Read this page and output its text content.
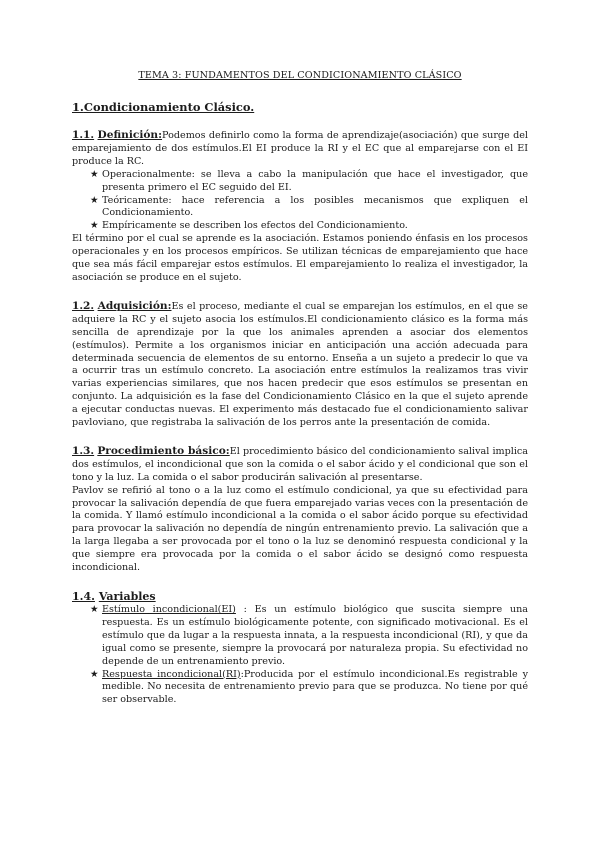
TEMA 3: FUNDAMENTOS DEL CONDICIONAMIENTO CLÁSICO
1.Condicionamiento Clásico.

1.1. Definición:Podemos definirlo como la forma de aprendizaje(asociación) que surge del emparejamiento de dos estímulos.El EI produce la RI y el EC que al emparejarse con el EI produce la RC.

★ Operacionalmente: se lleva a cabo la manipulación que hace el investigador, que presenta primero el EC seguido del EI.
★ Teóricamente: hace referencia a los posibles mecanismos que expliquen el Condicionamiento.
★ Empíricamente se describen los efectos del Condicionamiento.

El término por el cual se aprende es la asociación. Estamos poniendo énfasis en los procesos operacionales y en los procesos empíricos. Se utilizan técnicas de emparejamiento que hace que sea más fácil emparejar estos estímulos. El emparejamiento lo realiza el investigador, la asociación se produce en el sujeto.

1.2. Adquisición:Es el proceso, mediante el cual se emparejan los estímulos, en el que se adquiere la RC y el sujeto asocia los estímulos.El condicionamiento clásico es la forma más sencilla de aprendizaje por la que los animales aprenden a asociar dos elementos (estímulos). Permite a los organismos iniciar en anticipación una acción adecuada para determinada secuencia de elementos de su entorno. Enseña a un sujeto a predecir lo que va a ocurrir tras un estímulo concreto. La asociación entre estímulos la realizamos tras vivir varias experiencias similares, que nos hacen predecir que esos estímulos se presentan en conjunto. La adquisición es la fase del Condicionamiento Clásico en la que el sujeto aprende a ejecutar conductas nuevas. El experimento más destacado fue el condicionamiento salivar pavloviano, que registraba la salivación de los perros ante la presentación de comida.

1.3. Procedimiento básico:El procedimiento básico del condicionamiento salival implica dos estímulos, el incondicional que son la comida o el sabor ácido y el condicional que son el tono y la luz. La comida o el sabor producirán salivación al presentarse.

Pavlov se refirió al tono o a la luz como el estímulo condicional, ya que su efectividad para provocar la salivación dependía de que fuera emparejado varias veces con la presentación de la comida. Y llamó estímulo incondicional a la comida o el sabor ácido porque su efectividad para provocar la salivación no dependía de ningún entrenamiento previo. La salivación que a la larga llegaba a ser provocada por el tono o la luz se denominó respuesta condicional y la que siempre era provocada por la comida o el sabor ácido se designó como respuesta incondicional.

1.4. Variables
★ Estímulo incondicional(EI) : Es un estímulo biológico que suscita siempre una respuesta. Es un estímulo biológicamente potente, con significado motivacional. Es el estímulo que da lugar a la respuesta innata, a la respuesta incondicional (RI), y que da igual como se presente, siempre la provocará por naturaleza propia. Su efectividad no depende de un entrenamiento previo.
★ Respuesta incondicional(RI):Producida por el estímulo incondicional.Es registrable y medible. No necesita de entrenamiento previo para que se produzca. No tiene por qué ser observable.
